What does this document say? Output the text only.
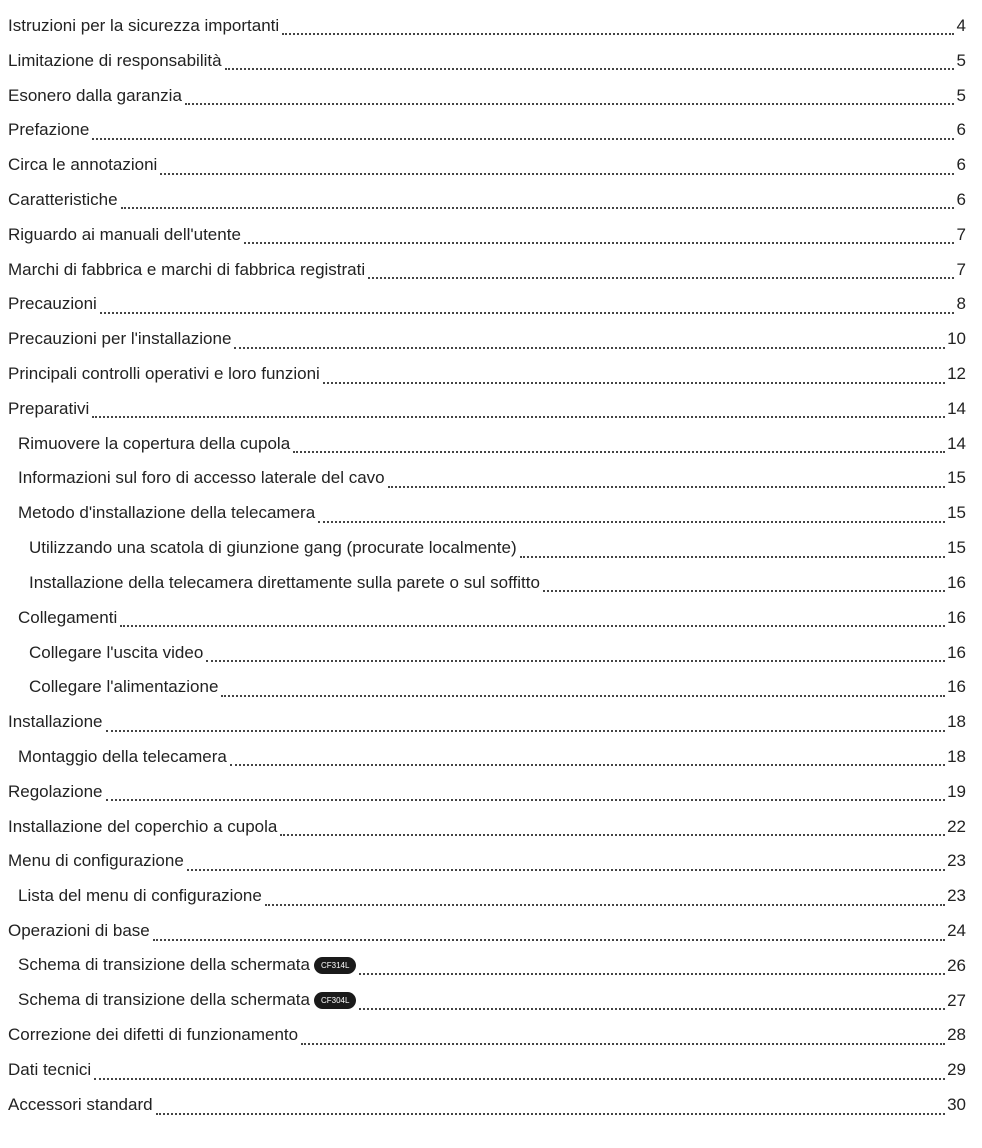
Istruzioni per la sicurezza importanti	4
Limitazione di responsabilità	5
Esonero dalla garanzia	5
Prefazione	6
Circa le annotazioni	6
Caratteristiche	6
Riguardo ai manuali dell'utente	7
Marchi di fabbrica e marchi di fabbrica registrati	7
Precauzioni	8
Precauzioni per l'installazione	10
Principali controlli operativi e loro funzioni	12
Preparativi	14
Rimuovere la copertura della cupola	14
Informazioni sul foro di accesso laterale del cavo	15
Metodo d'installazione della telecamera	15
Utilizzando una scatola di giunzione gang (procurate localmente)	15
Installazione della telecamera direttamente sulla parete o sul soffitto	16
Collegamenti	16
Collegare l'uscita video	16
Collegare l'alimentazione	16
Installazione	18
Montaggio della telecamera	18
Regolazione	19
Installazione del coperchio a cupola	22
Menu di configurazione	23
Lista del menu di configurazione	23
Operazioni di base	24
Schema di transizione della schermata CF314L	26
Schema di transizione della schermata CF304L	27
Correzione dei difetti di funzionamento	28
Dati tecnici	29
Accessori standard	30
